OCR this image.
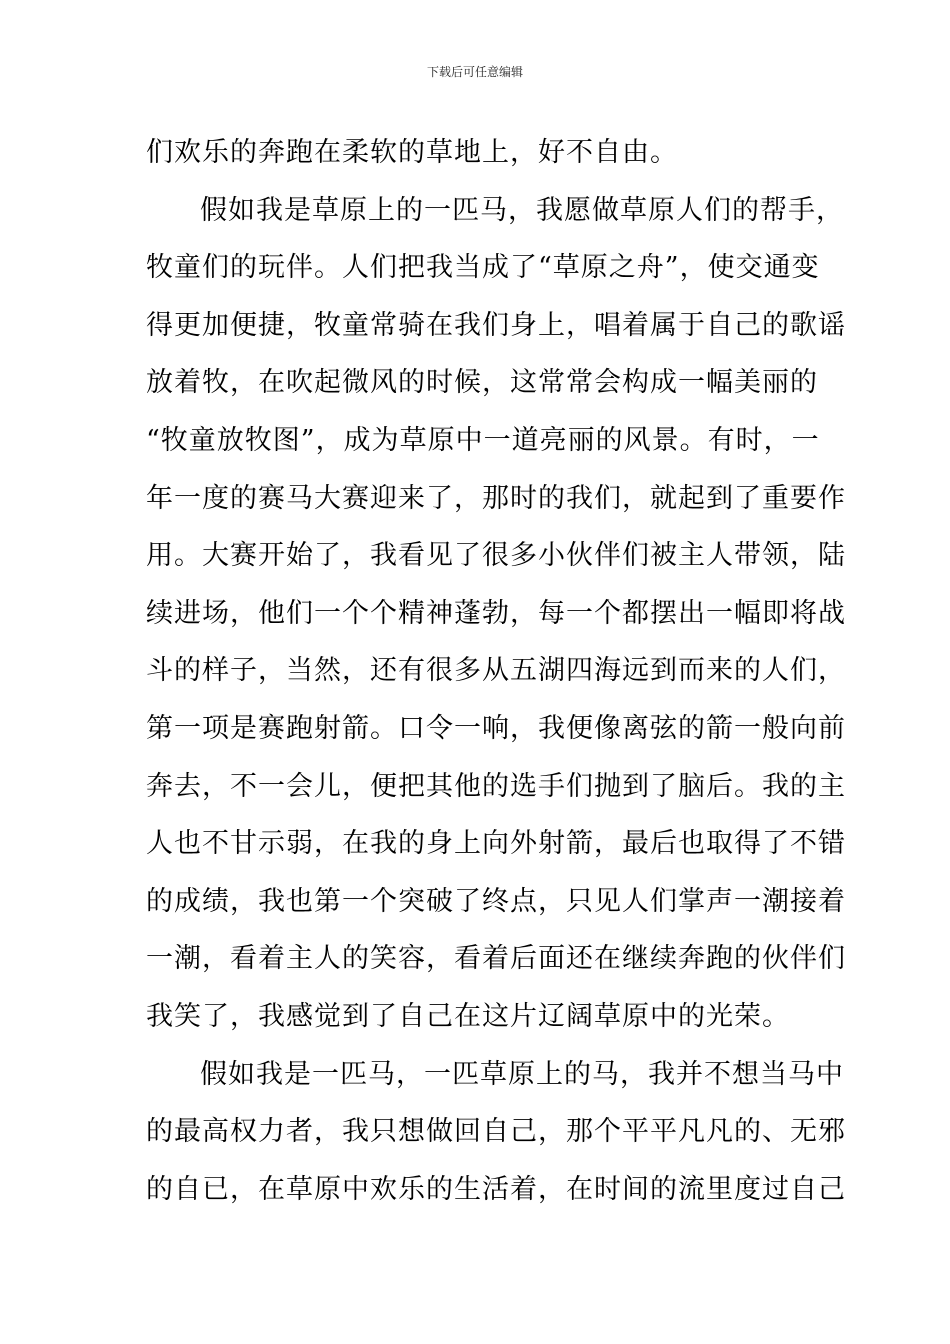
下载后可任意编辑
们欢乐的奔跑在柔软的草地上，好不自由。
假如我是草原上的一匹马，我愿做草原人们的帮手，
牧童们的玩伴。人们把我当成了“草原之舟”，使交通变
得更加便捷，牧童常骑在我们身上，唱着属于自己的歌谣
放着牧，在吹起微风的时候，这常常会构成一幅美丽的
“牧童放牧图”，成为草原中一道亮丽的风景。有时，一
年一度的赛马大赛迎来了，那时的我们，就起到了重要作
用。大赛开始了，我看见了很多小伙伴们被主人带领，陆
续进场，他们一个个精神蓬勃，每一个都摆出一幅即将战
斗的样子，当然，还有很多从五湖四海远到而来的人们，
第一项是赛跑射箭。口令一响，我便像离弦的箭一般向前
奔去，不一会儿，便把其他的选手们抛到了脑后。我的主
人也不甘示弱，在我的身上向外射箭，最后也取得了不错
的成绩，我也第一个突破了终点，只见人们掌声一潮接着
一潮，看着主人的笑容，看着后面还在继续奔跑的伙伴们
我笑了，我感觉到了自己在这片辽阔草原中的光荣。
假如我是一匹马，一匹草原上的马，我并不想当马中
的最高权力者，我只想做回自己，那个平平凡凡的、无邪
的自已，在草原中欢乐的生活着，在时间的流里度过自己
